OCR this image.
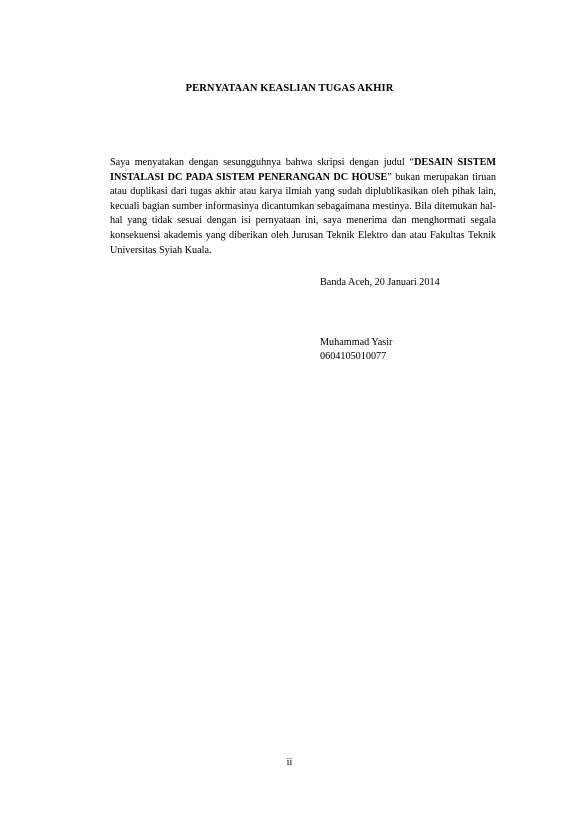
PERNYATAAN KEASLIAN TUGAS AKHIR
Saya menyatakan dengan sesungguhnya bahwa skripsi dengan judul “DESAIN SISTEM INSTALASI DC PADA SISTEM PENERANGAN DC HOUSE” bukan merupakan tiruan atau duplikasi dari tugas akhir atau karya ilmiah yang sudah diplublikasikan oleh pihak lain, kecuali bagian sumber informasinya dicantumkan sebagaimana mestinya. Bila ditemukan hal-hal yang tidak sesuai dengan isi pernyataan ini, saya menerima dan menghormati segala konsekuensi akademis yang diberikan oleh Jurusan Teknik Elektro dan atau Fakultas Teknik Universitas Syiah Kuala.
Banda Aceh, 20 Januari 2014
Muhammad Yasir
0604105010077
ii
